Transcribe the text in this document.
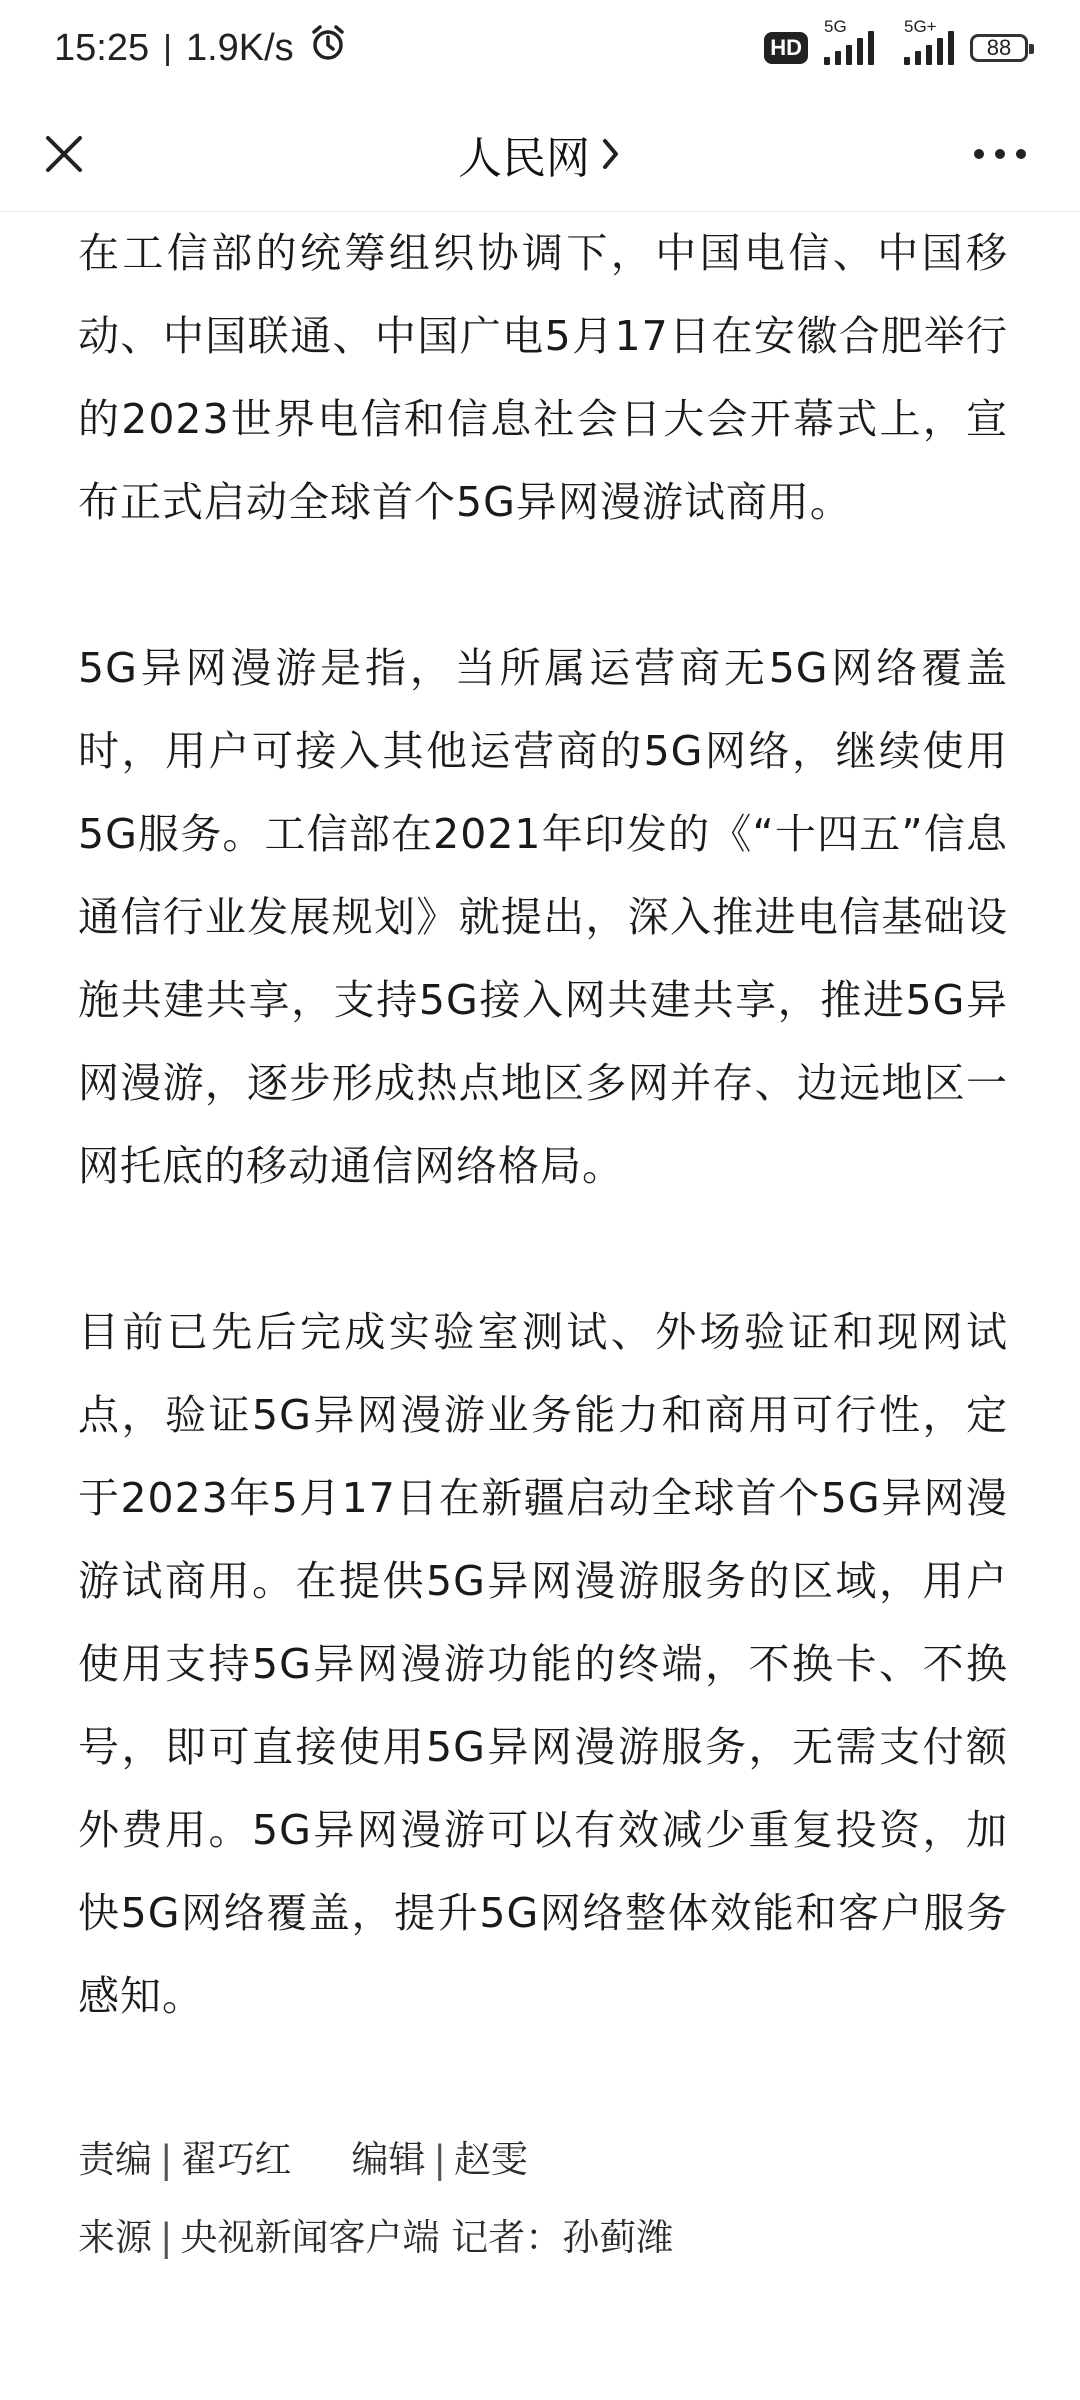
15:25 | 1.9K/s	HD
5G	5G+
88
人民网

在工信部的统筹组织协调下，中国电信、中国移动、中国联通、中国广电5月17日在安徽合肥举行的2023世界电信和信息社会日大会开幕式上，宣布正式启动全球首个5G异网漫游试商用。

5G异网漫游是指，当所属运营商无5G网络覆盖时，用户可接入其他运营商的5G网络，继续使用5G服务。工信部在2021年印发的《“十四五”信息通信行业发展规划》就提出，深入推进电信基础设施共建共享，支持5G接入网共建共享，推进5G异网漫游，逐步形成热点地区多网并存、边远地区一网托底的移动通信网络格局。

目前已先后完成实验室测试、外场验证和现网试点，验证5G异网漫游业务能力和商用可行性，定于2023年5月17日在新疆启动全球首个5G异网漫游试商用。在提供5G异网漫游服务的区域，用户使用支持5G异网漫游功能的终端，不换卡、不换号，即可直接使用5G异网漫游服务，无需支付额外费用。5G异网漫游可以有效减少重复投资，加快5G网络覆盖，提升5G网络整体效能和客户服务感知。

责编 | 翟巧红 编辑 | 赵雯
来源 | 央视新闻客户端 记者：孙蓟潍
